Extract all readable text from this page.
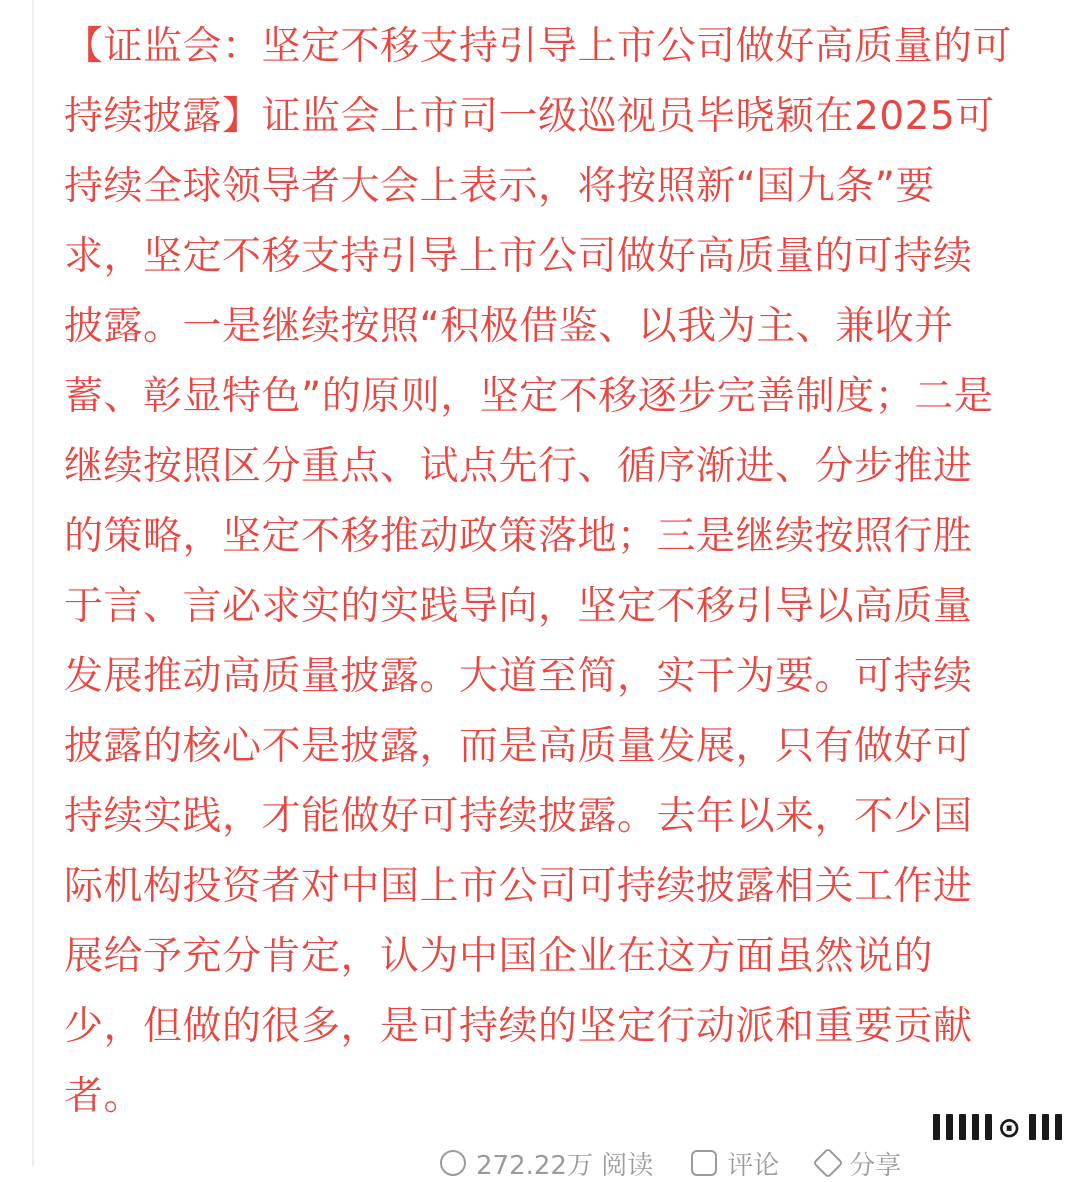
【证监会：坚定不移支持引导上市公司做好高质量的可
持续披露】证监会上市司一级巡视员毕晓颖在2025可
持续全球领导者大会上表示，将按照新“国九条”要
求，坚定不移支持引导上市公司做好高质量的可持续
披露。一是继续按照“积极借鉴、以我为主、兼收并
蓄、彰显特色”的原则，坚定不移逐步完善制度；二是
继续按照区分重点、试点先行、循序渐进、分步推进
的策略，坚定不移推动政策落地；三是继续按照行胜
于言、言必求实的实践导向，坚定不移引导以高质量
发展推动高质量披露。大道至简，实干为要。可持续
披露的核心不是披露，而是高质量发展，只有做好可
持续实践，才能做好可持续披露。去年以来，不少国
际机构投资者对中国上市公司可持续披露相关工作进
展给予充分肯定，认为中国企业在这方面虽然说的
少，但做的很多，是可持续的坚定行动派和重要贡献
者。
⊙
272.22万 阅读	评论	分享
